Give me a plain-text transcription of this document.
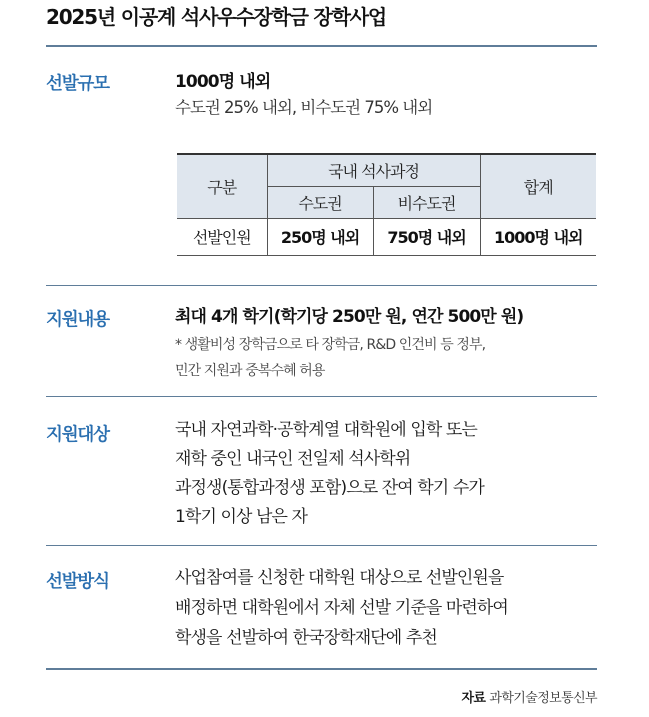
2025년 이공계 석사우수장학금 장학사업
선발규모	1000명 내외
수도권 25% 내외, 비수도권 75% 내외
구분	국내 석사과정		합계
	수도권	비수도권	
선발인원	250명 내외	750명 내외	1000명 내외
지원내용	최대 4개 학기(학기당 250만 원, 연간 500만 원)
* 생활비성 장학금으로 타 장학금, R&D 인건비 등 정부,
민간 지원과 중복수혜 허용
지원대상	국내 자연과학·공학계열 대학원에 입학 또는
재학 중인 내국인 전일제 석사학위
과정생(통합과정생 포함)으로 잔여 학기 수가
1학기 이상 남은 자
선발방식	사업참여를 신청한 대학원 대상으로 선발인원을
배정하면 대학원에서 자체 선발 기준을 마련하여
학생을 선발하여 한국장학재단에 추천
자료 과학기술정보통신부
